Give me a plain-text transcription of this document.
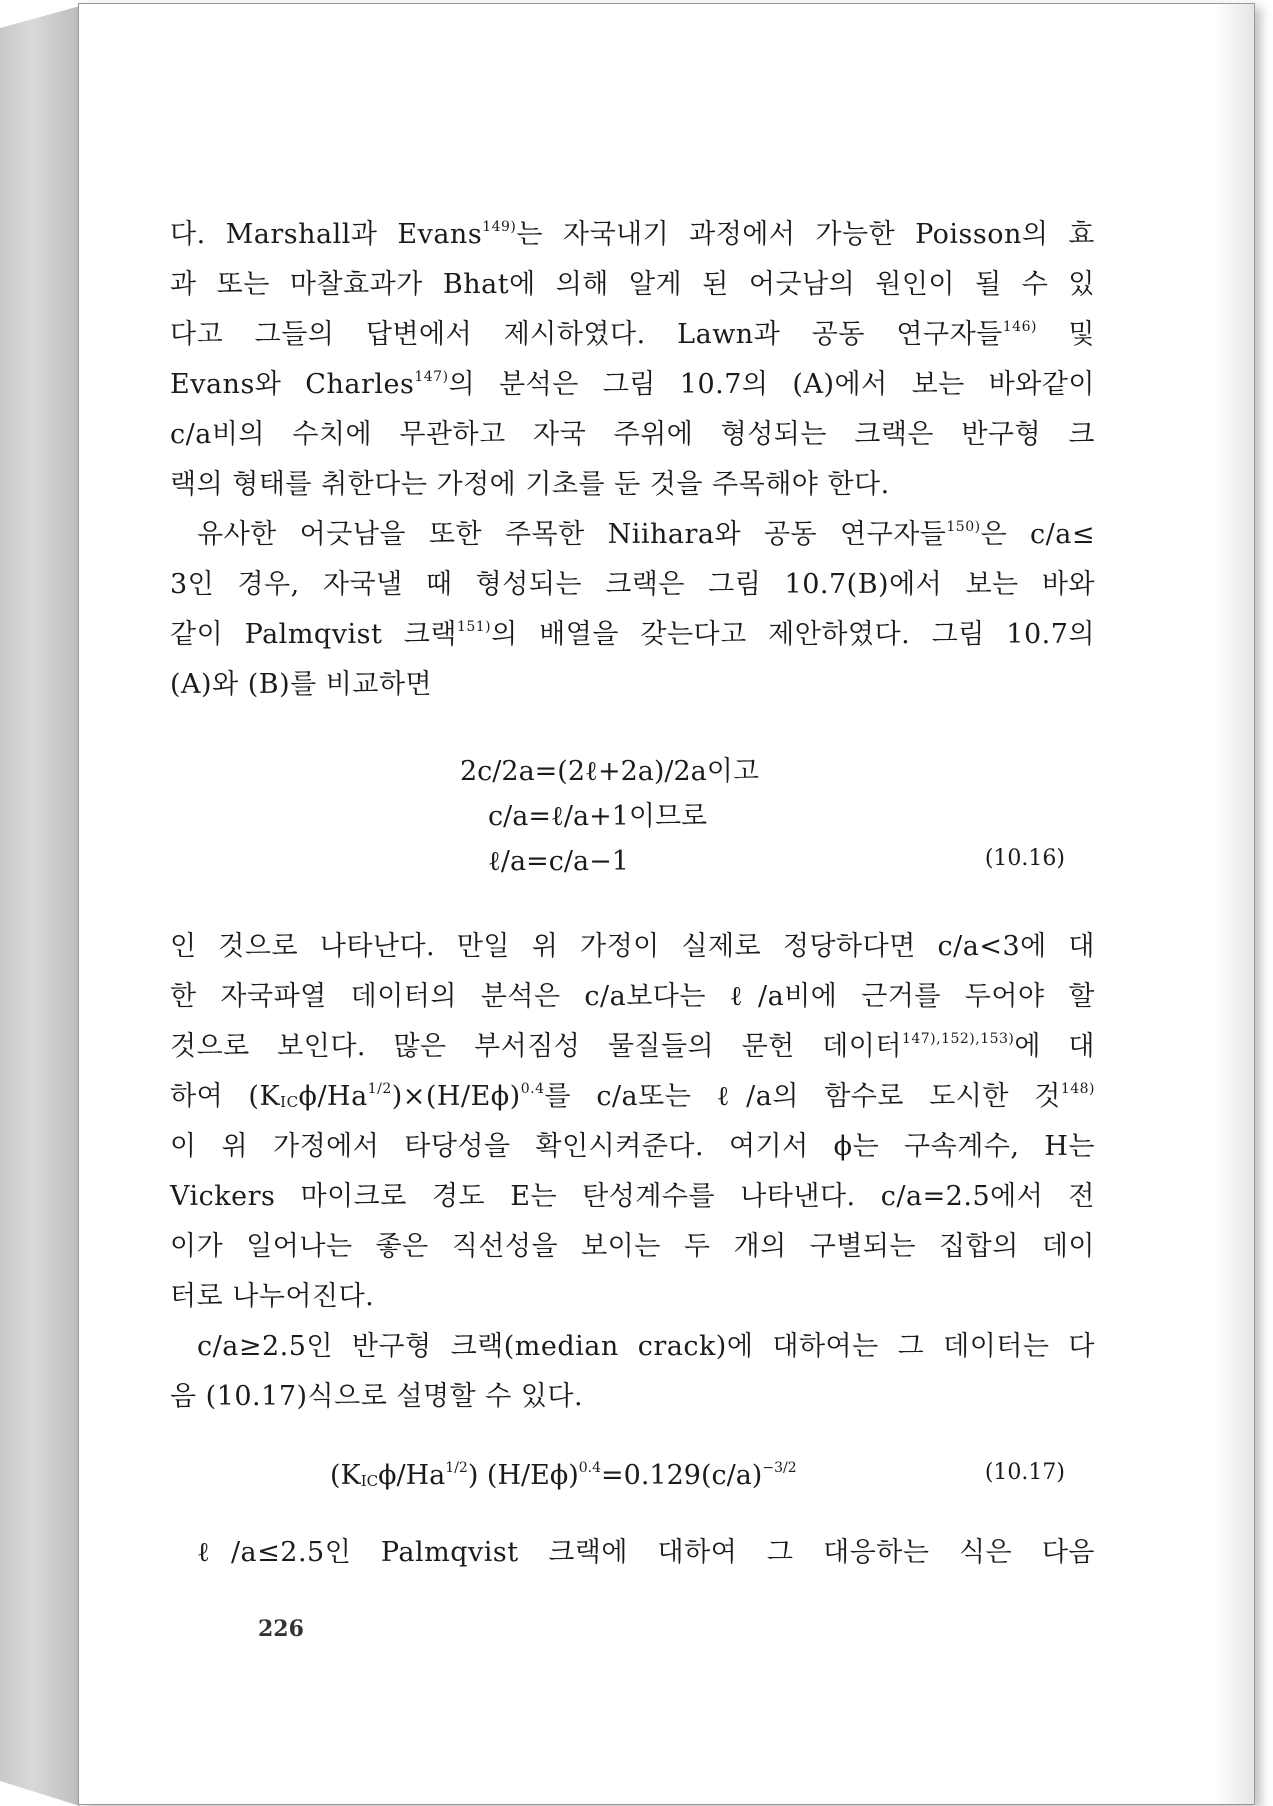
다. Marshall과 Evans$^{149)}$는 자국내기 과정에서 가능한 Poisson의 효

과 또는 마찰효과가 Bhat에 의해 알게 된 어긋남의 원인이 될 수 있

다고 그들의 답변에서 제시하였다. Lawn과 공동 연구자들$^{146)}$ 및

Evans와 Charles$^{147)}$의 분석은 그림 10.7의 (A)에서 보는 바와같이

c/a비의 수치에 무관하고 자국 주위에 형성되는 크랙은 반구형 크

랙의 형태를 취한다는 가정에 기초를 둔 것을 주목해야 한다.

유사한 어긋남을 또한 주목한 Niihara와 공동 연구자들$^{150)}$은 c/a≤

3인 경우, 자국낼 때 형성되는 크랙은 그림 10.7(B)에서 보는 바와

같이 Palmqvist 크랙$^{151)}$의 배열을 갖는다고 제안하였다. 그림 10.7의

(A)와 (B)를 비교하면

2c/2a=(2ℓ+2a)/2a이고
c/a=ℓ/a+1이므로
ℓ/a=c/a−1	(10.16)

인 것으로 나타난다. 만일 위 가정이 실제로 정당하다면 c/a<3에 대

한 자국파열 데이터의 분석은 c/a보다는 ℓ/a비에 근거를 두어야 할

것으로 보인다. 많은 부서짐성 물질들의 문헌 데이터$^{147),152),153)}$에 대

하여 $(K_{IC}\phi/Ha^{1/2})\times(H/E\phi)^{0.4}$를 c/a또는 ℓ/a의 함수로 도시한 것$^{148)}$

이 위 가정에서 타당성을 확인시켜준다. 여기서 ϕ는 구속계수, H는

Vickers 마이크로 경도 E는 탄성계수를 나타낸다. c/a=2.5에서 전

이가 일어나는 좋은 직선성을 보이는 두 개의 구별되는 집합의 데이

터로 나누어진다.

c/a≥2.5인 반구형 크랙(median crack)에 대하여는 그 데이터는 다

음 (10.17)식으로 설명할 수 있다.

$(K_{IC}\phi/Ha^{1/2})$ $(H/E\phi)^{0.4}=0.129(c/a)^{-3/2}$	(10.17)

ℓ/a≤2.5인 Palmqvist 크랙에 대하여 그 대응하는 식은 다음

226
